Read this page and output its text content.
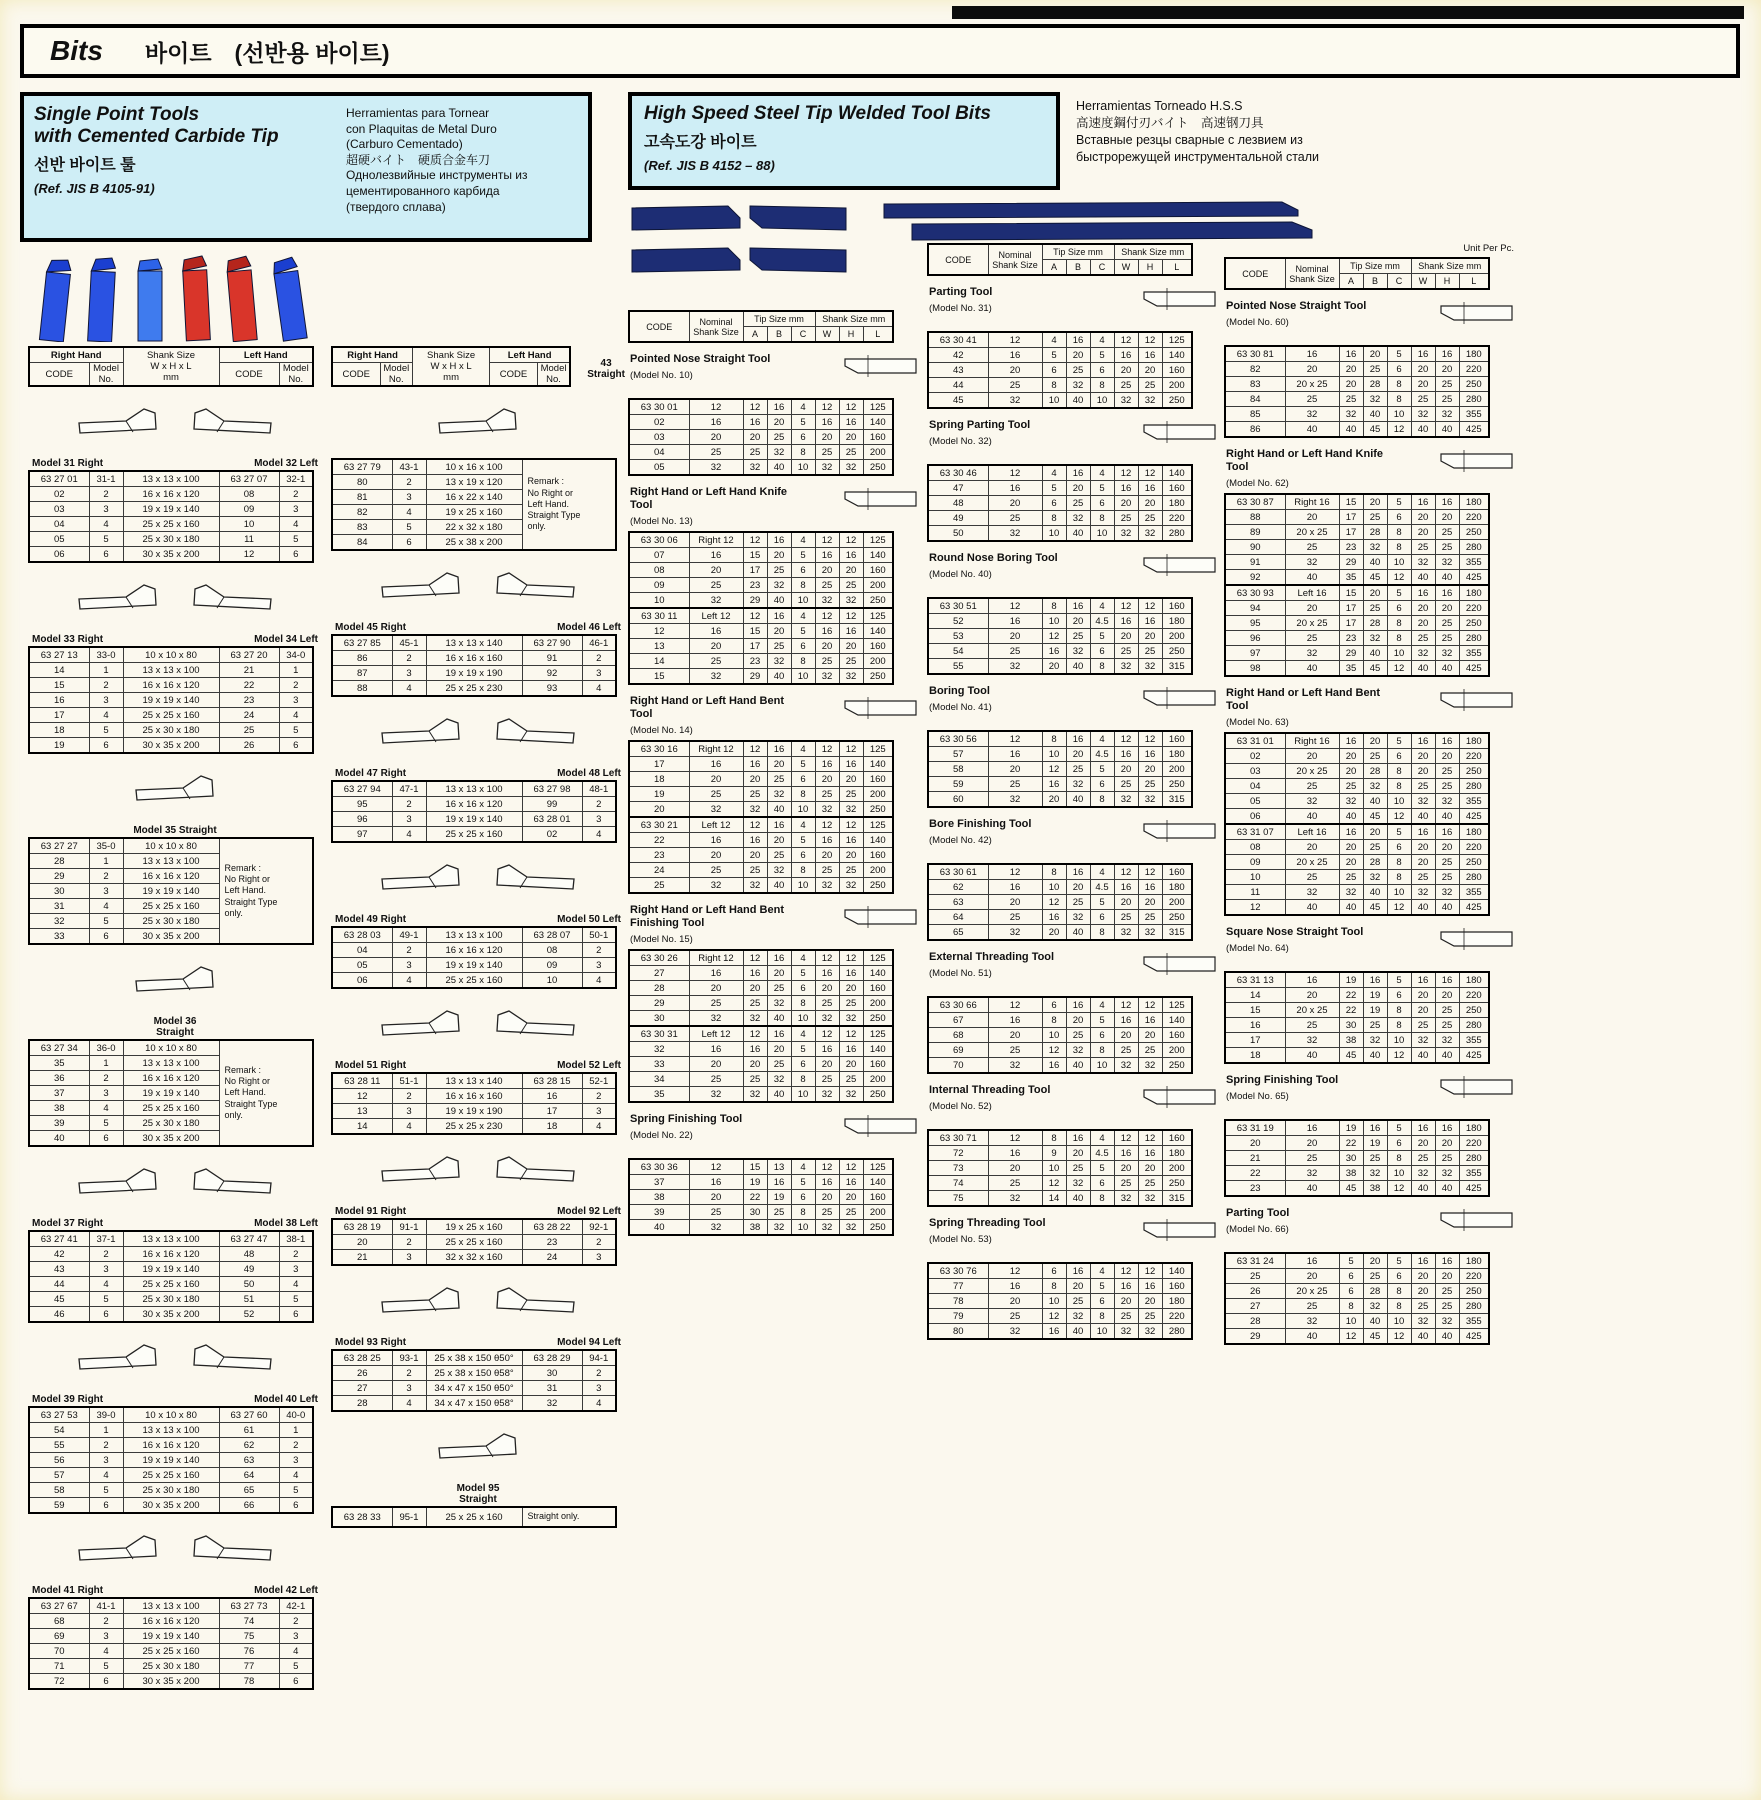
Bits 바이트　(선반용 바이트)
Single Point Tools
with Cemented Carbide Tip
선반 바이트 툴
(Ref. JIS B 4105-91)
Herramientas para Tornear
con Plaquitas de Metal Duro
(Carburo Cementado)
超硬バイト　硬质合金车刀
Однолезвийные инструменты из
цементированного карбида
(твердого сплава)
High Speed Steel Tip Welded Tool Bits
고속도강 바이트
(Ref. JIS B 4152 – 88)
Herramientas Torneado H.S.S
高速度鋼付刃バイト　高速钢刀具
Вставные резцы сварные с лезвием из
быстрорежущей инструментальной стали
Right Hand		Shank Size
W x H x L
mm	Left Hand	
CODE	Model
No.		CODE	Model
No.
Model 31 Right	Model 32 Left
63 27 01	31-1	13 x 13 x 100	63 27 07	32-1
02	2	16 x 16 x 120	08	2
03	3	19 x 19 x 140	09	3
04	4	25 x 25 x 160	10	4
05	5	25 x 30 x 180	11	5
06	6	30 x 35 x 200	12	6
Model 33 Right	Model 34 Left
63 27 13	33-0	10 x 10 x 80	63 27 20	34-0
14	1	13 x 13 x 100	21	1
15	2	16 x 16 x 120	22	2
16	3	19 x 19 x 140	23	3
17	4	25 x 25 x 160	24	4
18	5	25 x 30 x 180	25	5
19	6	30 x 35 x 200	26	6
Model 35 Straight
63 27 27	35-0	10 x 10 x 80	Remark :
No Right or
Left Hand.
Straight Type
only.
28	1	13 x 13 x 100	
29	2	16 x 16 x 120	
30	3	19 x 19 x 140	
31	4	25 x 25 x 160	
32	5	25 x 30 x 180	
33	6	30 x 35 x 200	
Model 36
Straight
63 27 34	36-0	10 x 10 x 80	Remark :
No Right or
Left Hand.
Straight Type
only.
35	1	13 x 13 x 100	
36	2	16 x 16 x 120	
37	3	19 x 19 x 140	
38	4	25 x 25 x 160	
39	5	25 x 30 x 180	
40	6	30 x 35 x 200	
Model 37 Right	Model 38 Left
63 27 41	37-1	13 x 13 x 100	63 27 47	38-1
42	2	16 x 16 x 120	48	2
43	3	19 x 19 x 140	49	3
44	4	25 x 25 x 160	50	4
45	5	25 x 30 x 180	51	5
46	6	30 x 35 x 200	52	6
Model 39 Right	Model 40 Left
63 27 53	39-0	10 x 10 x 80	63 27 60	40-0
54	1	13 x 13 x 100	61	1
55	2	16 x 16 x 120	62	2
56	3	19 x 19 x 140	63	3
57	4	25 x 25 x 160	64	4
58	5	25 x 30 x 180	65	5
59	6	30 x 35 x 200	66	6
Model 41 Right	Model 42 Left
63 27 67	41-1	13 x 13 x 100	63 27 73	42-1
68	2	16 x 16 x 120	74	2
69	3	19 x 19 x 140	75	3
70	4	25 x 25 x 160	76	4
71	5	25 x 30 x 180	77	5
72	6	30 x 35 x 200	78	6
Right Hand		Shank Size
W x H x L
mm	Left Hand	
CODE	Model
No.		CODE	Model
No.
43
Straight
63 27 79	43-1	10 x 16 x 100	Remark :
No Right or
Left Hand.
Straight Type
only.
80	2	13 x 19 x 120	
81	3	16 x 22 x 140	
82	4	19 x 25 x 160	
83	5	22 x 32 x 180	
84	6	25 x 38 x 200	
Model 45 Right	Model 46 Left
63 27 85	45-1	13 x 13 x 140	63 27 90	46-1
86	2	16 x 16 x 160	91	2
87	3	19 x 19 x 190	92	3
88	4	25 x 25 x 230	93	4
Model 47 Right	Model 48 Left
63 27 94	47-1	13 x 13 x 100	63 27 98	48-1
95	2	16 x 16 x 120	99	2
96	3	19 x 19 x 140	63 28 01	3
97	4	25 x 25 x 160	02	4
Model 49 Right	Model 50 Left
63 28 03	49-1	13 x 13 x 100	63 28 07	50-1
04	2	16 x 16 x 120	08	2
05	3	19 x 19 x 140	09	3
06	4	25 x 25 x 160	10	4
Model 51 Right	Model 52 Left
63 28 11	51-1	13 x 13 x 140	63 28 15	52-1
12	2	16 x 16 x 160	16	2
13	3	19 x 19 x 190	17	3
14	4	25 x 25 x 230	18	4
Model 91 Right	Model 92 Left
63 28 19	91-1	19 x 25 x 160	63 28 22	92-1
20	2	25 x 25 x 160	23	2
21	3	32 x 32 x 160	24	3
Model 93 Right	Model 94 Left
63 28 25	93-1	25 x 38 x 150 θ50°	63 28 29	94-1
26	2	25 x 38 x 150 θ58°	30	2
27	3	34 x 47 x 150 θ50°	31	3
28	4	34 x 47 x 150 θ58°	32	4
Model 95
Straight
63 28 33	95-1	25 x 25 x 160	Straight only.
CODE	Nominal
Shank Size	Tip Size mm			Shank Size mm		
		A	B	C	W	H	L
Pointed Nose Straight Tool
(Model No. 10)
63 30 01	12	12	16	4	12	12	125
02	16	16	20	5	16	16	140
03	20	20	25	6	20	20	160
04	25	25	32	8	25	25	200
05	32	32	40	10	32	32	250
Right Hand or Left Hand Knife Tool
(Model No. 13)
63 30 06	Right 12	12	16	4	12	12	125
07	16	15	20	5	16	16	140
08	20	17	25	6	20	20	160
09	25	23	32	8	25	25	200
10	32	29	40	10	32	32	250
63 30 11	Left 12	12	16	4	12	12	125
12	16	15	20	5	16	16	140
13	20	17	25	6	20	20	160
14	25	23	32	8	25	25	200
15	32	29	40	10	32	32	250
Right Hand or Left Hand Bent Tool
(Model No. 14)
63 30 16	Right 12	12	16	4	12	12	125
17	16	16	20	5	16	16	140
18	20	20	25	6	20	20	160
19	25	25	32	8	25	25	200
20	32	32	40	10	32	32	250
63 30 21	Left 12	12	16	4	12	12	125
22	16	16	20	5	16	16	140
23	20	20	25	6	20	20	160
24	25	25	32	8	25	25	200
25	32	32	40	10	32	32	250
Right Hand or Left Hand Bent Finishing Tool
(Model No. 15)
63 30 26	Right 12	12	16	4	12	12	125
27	16	16	20	5	16	16	140
28	20	20	25	6	20	20	160
29	25	25	32	8	25	25	200
30	32	32	40	10	32	32	250
63 30 31	Left 12	12	16	4	12	12	125
32	16	16	20	5	16	16	140
33	20	20	25	6	20	20	160
34	25	25	32	8	25	25	200
35	32	32	40	10	32	32	250
Spring Finishing Tool
(Model No. 22)
63 30 36	12	15	13	4	12	12	125
37	16	19	16	5	16	16	140
38	20	22	19	6	20	20	160
39	25	30	25	8	25	25	200
40	32	38	32	10	32	32	250
CODE	Nominal
Shank Size	Tip Size mm			Shank Size mm		
		A	B	C	W	H	L
Parting Tool
(Model No. 31)
63 30 41	12	4	16	4	12	12	125
42	16	5	20	5	16	16	140
43	20	6	25	6	20	20	160
44	25	8	32	8	25	25	200
45	32	10	40	10	32	32	250
Spring Parting Tool
(Model No. 32)
63 30 46	12	4	16	4	12	12	140
47	16	5	20	5	16	16	160
48	20	6	25	6	20	20	180
49	25	8	32	8	25	25	220
50	32	10	40	10	32	32	280
Round Nose Boring Tool
(Model No. 40)
63 30 51	12	8	16	4	12	12	160
52	16	10	20	4.5	16	16	180
53	20	12	25	5	20	20	200
54	25	16	32	6	25	25	250
55	32	20	40	8	32	32	315
Boring Tool
(Model No. 41)
63 30 56	12	8	16	4	12	12	160
57	16	10	20	4.5	16	16	180
58	20	12	25	5	20	20	200
59	25	16	32	6	25	25	250
60	32	20	40	8	32	32	315
Bore Finishing Tool
(Model No. 42)
63 30 61	12	8	16	4	12	12	160
62	16	10	20	4.5	16	16	180
63	20	12	25	5	20	20	200
64	25	16	32	6	25	25	250
65	32	20	40	8	32	32	315
External Threading Tool
(Model No. 51)
63 30 66	12	6	16	4	12	12	125
67	16	8	20	5	16	16	140
68	20	10	25	6	20	20	160
69	25	12	32	8	25	25	200
70	32	16	40	10	32	32	250
Internal Threading Tool
(Model No. 52)
63 30 71	12	8	16	4	12	12	160
72	16	9	20	4.5	16	16	180
73	20	10	25	5	20	20	200
74	25	12	32	6	25	25	250
75	32	14	40	8	32	32	315
Spring Threading Tool
(Model No. 53)
63 30 76	12	6	16	4	12	12	140
77	16	8	20	5	16	16	160
78	20	10	25	6	20	20	180
79	25	12	32	8	25	25	220
80	32	16	40	10	32	32	280
Unit Per Pc.
CODE	Nominal
Shank Size	Tip Size mm			Shank Size mm		
		A	B	C	W	H	L
Pointed Nose Straight Tool
(Model No. 60)
63 30 81	16	16	20	5	16	16	180
82	20	20	25	6	20	20	220
83	20 x 25	20	28	8	20	25	250
84	25	25	32	8	25	25	280
85	32	32	40	10	32	32	355
86	40	40	45	12	40	40	425
Right Hand or Left Hand Knife Tool
(Model No. 62)
63 30 87	Right 16	15	20	5	16	16	180
88	20	17	25	6	20	20	220
89	20 x 25	17	28	8	20	25	250
90	25	23	32	8	25	25	280
91	32	29	40	10	32	32	355
92	40	35	45	12	40	40	425
63 30 93	Left 16	15	20	5	16	16	180
94	20	17	25	6	20	20	220
95	20 x 25	17	28	8	20	25	250
96	25	23	32	8	25	25	280
97	32	29	40	10	32	32	355
98	40	35	45	12	40	40	425
Right Hand or Left Hand Bent Tool
(Model No. 63)
63 31 01	Right 16	16	20	5	16	16	180
02	20	20	25	6	20	20	220
03	20 x 25	20	28	8	20	25	250
04	25	25	32	8	25	25	280
05	32	32	40	10	32	32	355
06	40	40	45	12	40	40	425
63 31 07	Left 16	16	20	5	16	16	180
08	20	20	25	6	20	20	220
09	20 x 25	20	28	8	20	25	250
10	25	25	32	8	25	25	280
11	32	32	40	10	32	32	355
12	40	40	45	12	40	40	425
Square Nose Straight Tool
(Model No. 64)
63 31 13	16	19	16	5	16	16	180
14	20	22	19	6	20	20	220
15	20 x 25	22	19	8	20	25	250
16	25	30	25	8	25	25	280
17	32	38	32	10	32	32	355
18	40	45	40	12	40	40	425
Spring Finishing Tool
(Model No. 65)
63 31 19	16	19	16	5	16	16	180
20	20	22	19	6	20	20	220
21	25	30	25	8	25	25	280
22	32	38	32	10	32	32	355
23	40	45	38	12	40	40	425
Parting Tool
(Model No. 66)
63 31 24	16	5	20	5	16	16	180
25	20	6	25	6	20	20	220
26	20 x 25	6	28	8	20	25	250
27	25	8	32	8	25	25	280
28	32	10	40	10	32	32	355
29	40	12	45	12	40	40	425
